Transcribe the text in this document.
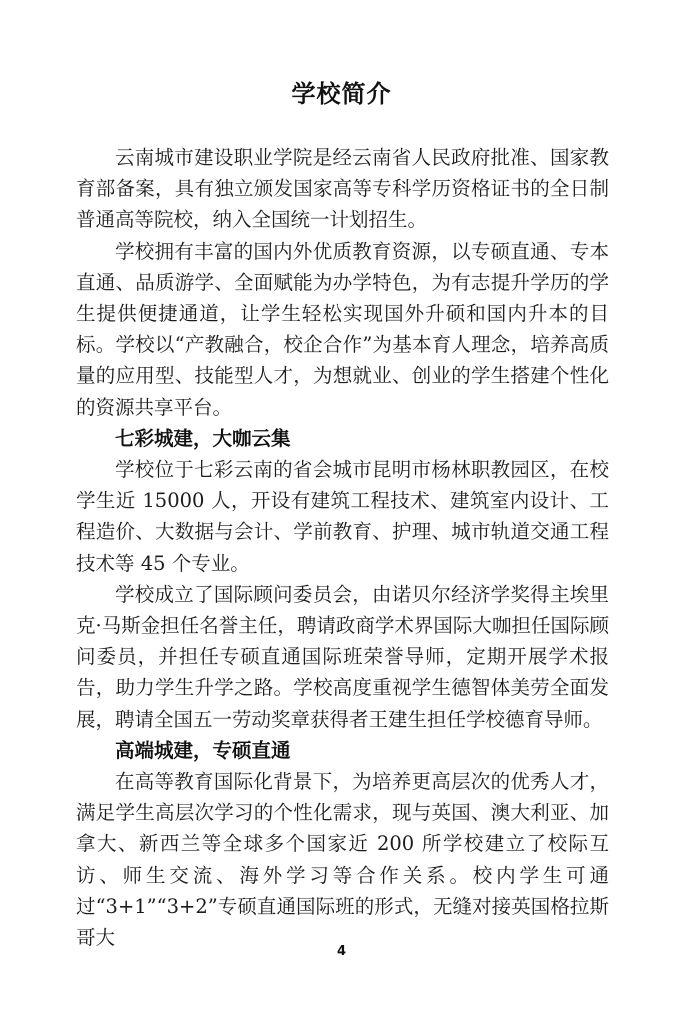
学校简介

云南城市建设职业学院是经云南省人民政府批准、国家教育部备案，具有独立颁发国家高等专科学历资格证书的全日制普通高等院校，纳入全国统一计划招生。

学校拥有丰富的国内外优质教育资源，以专硕直通、专本直通、品质游学、全面赋能为办学特色，为有志提升学历的学生提供便捷通道，让学生轻松实现国外升硕和国内升本的目标。学校以“产教融合，校企合作”为基本育人理念，培养高质量的应用型、技能型人才，为想就业、创业的学生搭建个性化的资源共享平台。

七彩城建，大咖云集

学校位于七彩云南的省会城市昆明市杨林职教园区，在校学生近 15000 人，开设有建筑工程技术、建筑室内设计、工程造价、大数据与会计、学前教育、护理、城市轨道交通工程技术等 45 个专业。

学校成立了国际顾问委员会，由诺贝尔经济学奖得主埃里克·马斯金担任名誉主任，聘请政商学术界国际大咖担任国际顾问委员，并担任专硕直通国际班荣誉导师，定期开展学术报告，助力学生升学之路。学校高度重视学生德智体美劳全面发展，聘请全国五一劳动奖章获得者王建生担任学校德育导师。

高端城建，专硕直通

在高等教育国际化背景下，为培养更高层次的优秀人才，满足学生高层次学习的个性化需求，现与英国、澳大利亚、加拿大、新西兰等全球多个国家近 200 所学校建立了校际互访、师生交流、海外学习等合作关系。校内学生可通过“3+1”“3+2”专硕直通国际班的形式，无缝对接英国格拉斯哥大

4
